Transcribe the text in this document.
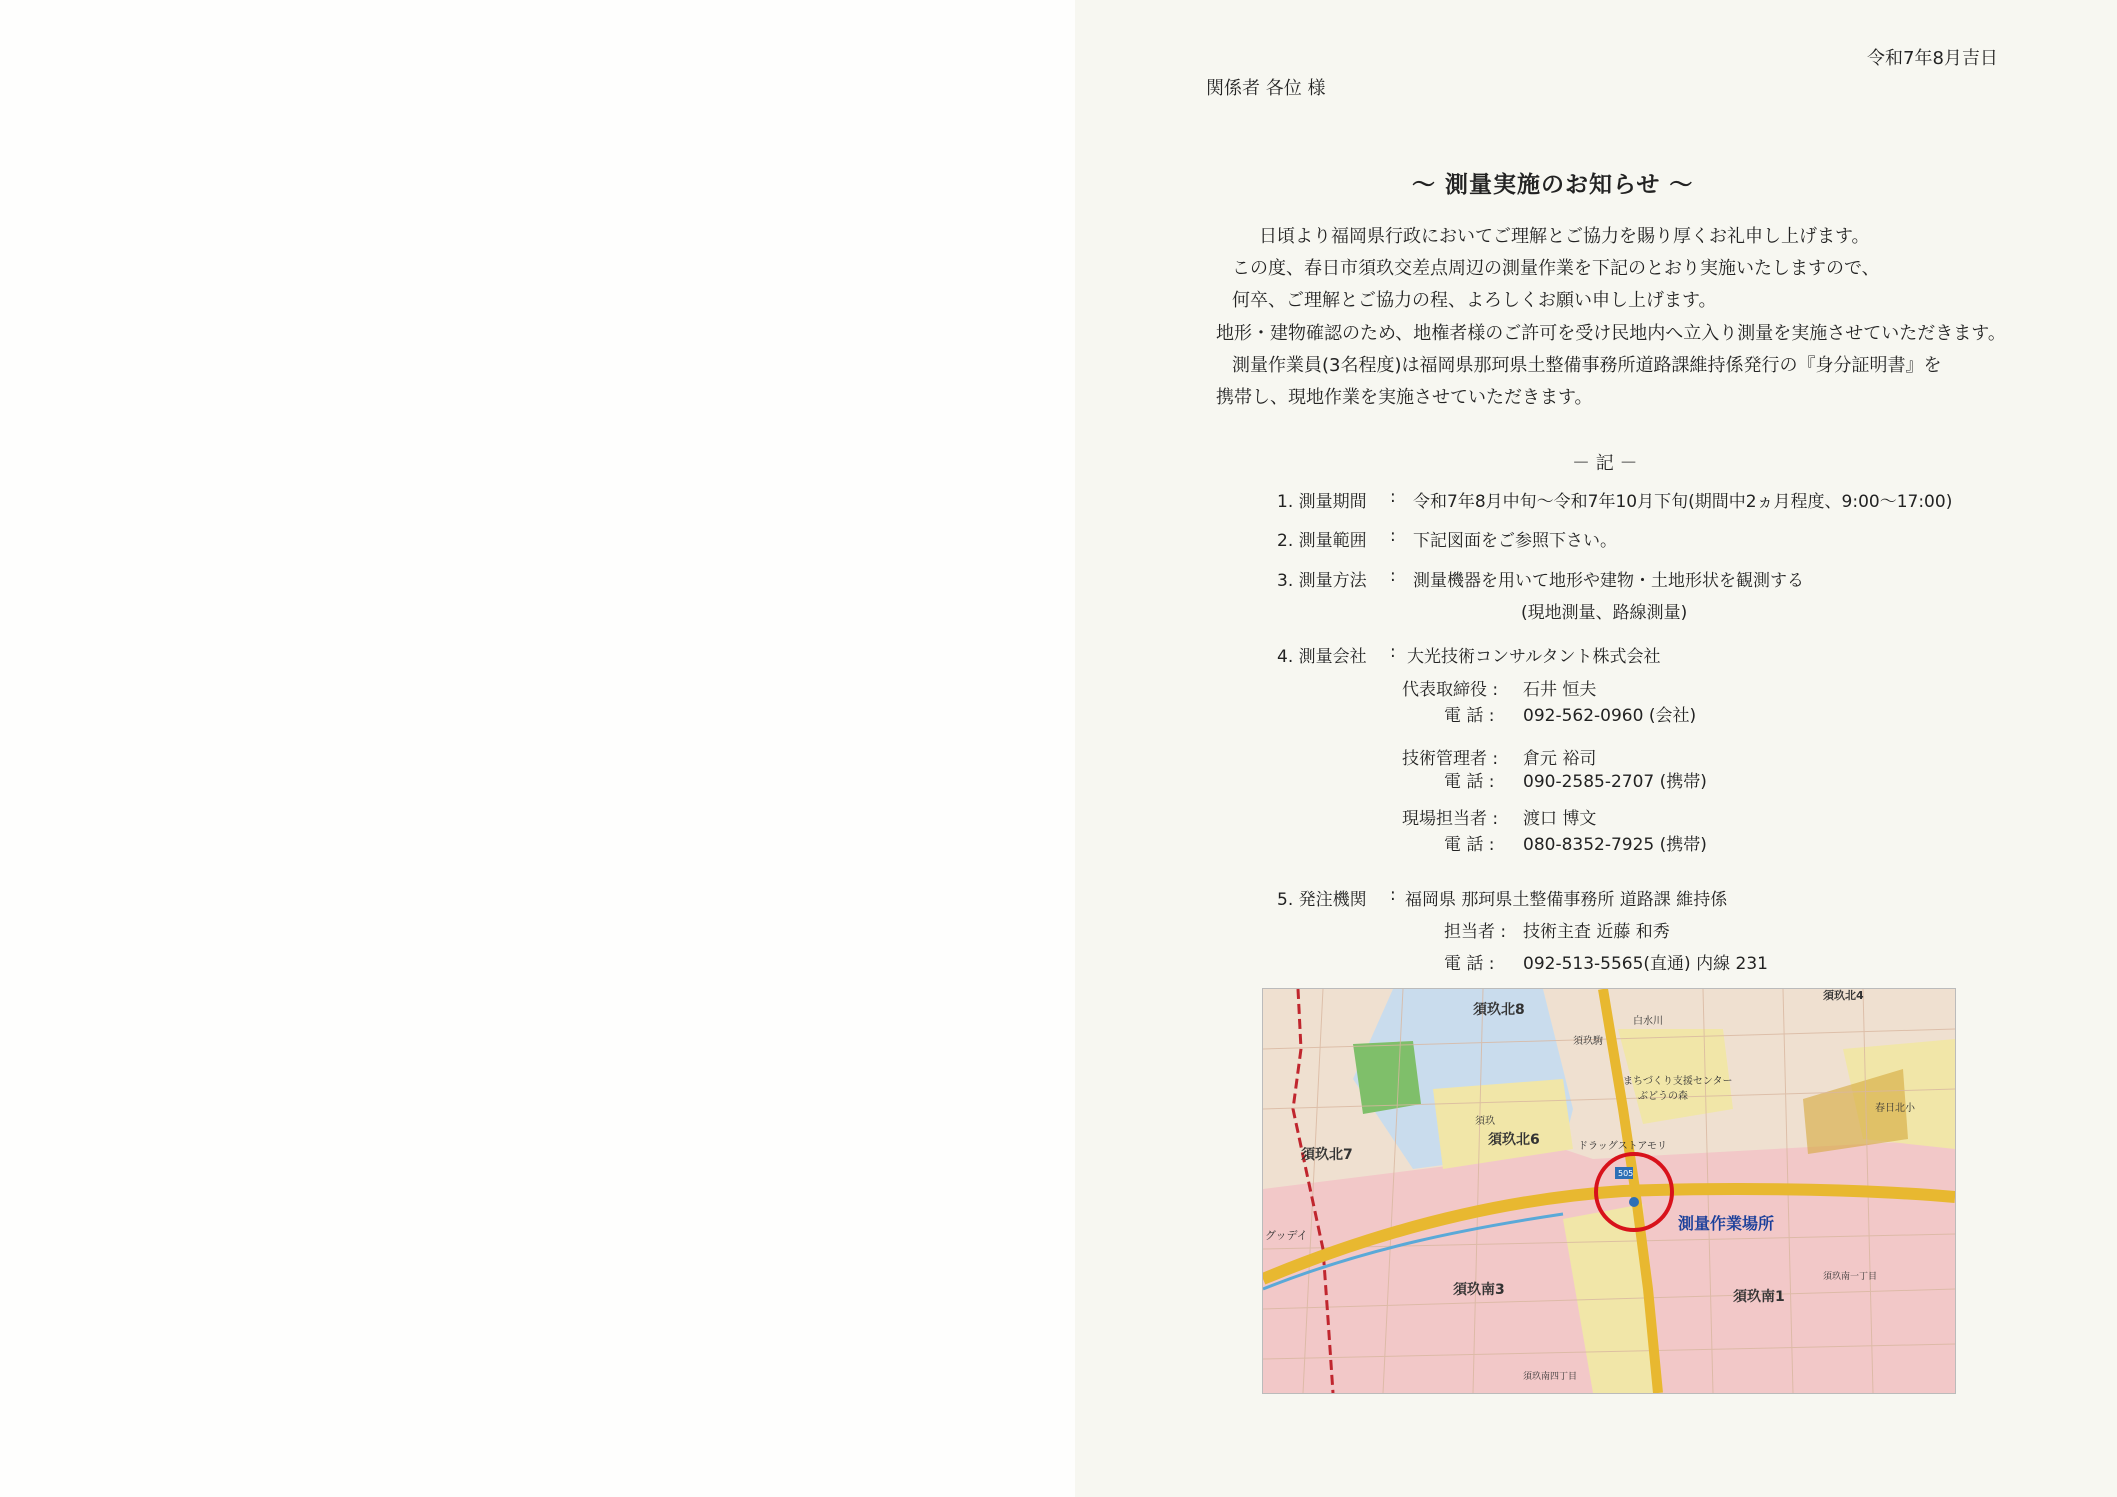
令和7年8月吉日
関係者 各位 様
～ 測量実施のお知らせ ～
日頃より福岡県行政においてご理解とご協力を賜り厚くお礼申し上げます。
この度、春日市須玖交差点周辺の測量作業を下記のとおり実施いたしますので、
何卒、ご理解とご協力の程、よろしくお願い申し上げます。
地形・建物確認のため、地権者様のご許可を受け民地内へ立入り測量を実施させていただきます。
測量作業員(3名程度)は福岡県那珂県土整備事務所道路課維持係発行の『身分証明書』を
携帯し、現地作業を実施させていただきます。
－ 記 －
1. 測量期間 : 令和7年8月中旬～令和7年10月下旬(期間中2ヵ月程度、9:00～17:00)
2. 測量範囲 : 下記図面をご参照下さい。
3. 測量方法 : 測量機器を用いて地形や建物・土地形状を観測する
(現地測量、路線測量)
4. 測量会社 : 大光技術コンサルタント株式会社
代表取締役 : 石井 恒夫
電 話 : 092-562-0960 (会社)
技術管理者 : 倉元 裕司
電 話 : 090-2585-2707 (携帯)
現場担当者 : 渡口 博文
電 話 : 080-8352-7925 (携帯)
5. 発注機関 : 福岡県 那珂県土整備事務所 道路課 維持係
担当者 : 技術主査 近藤 和秀
電 話 : 092-513-5565(直通) 内線 231
須玖北8
須玖北6
須玖北7
須玖南3	須玖南1
須玖北4
測量作業場所
まちづくり支援センター
ぶどうの森
ドラッグストアモリ
春日北小
須玖
須玖駒
白水川
グッデイ
須玖南一丁目
須玖南四丁目
505
